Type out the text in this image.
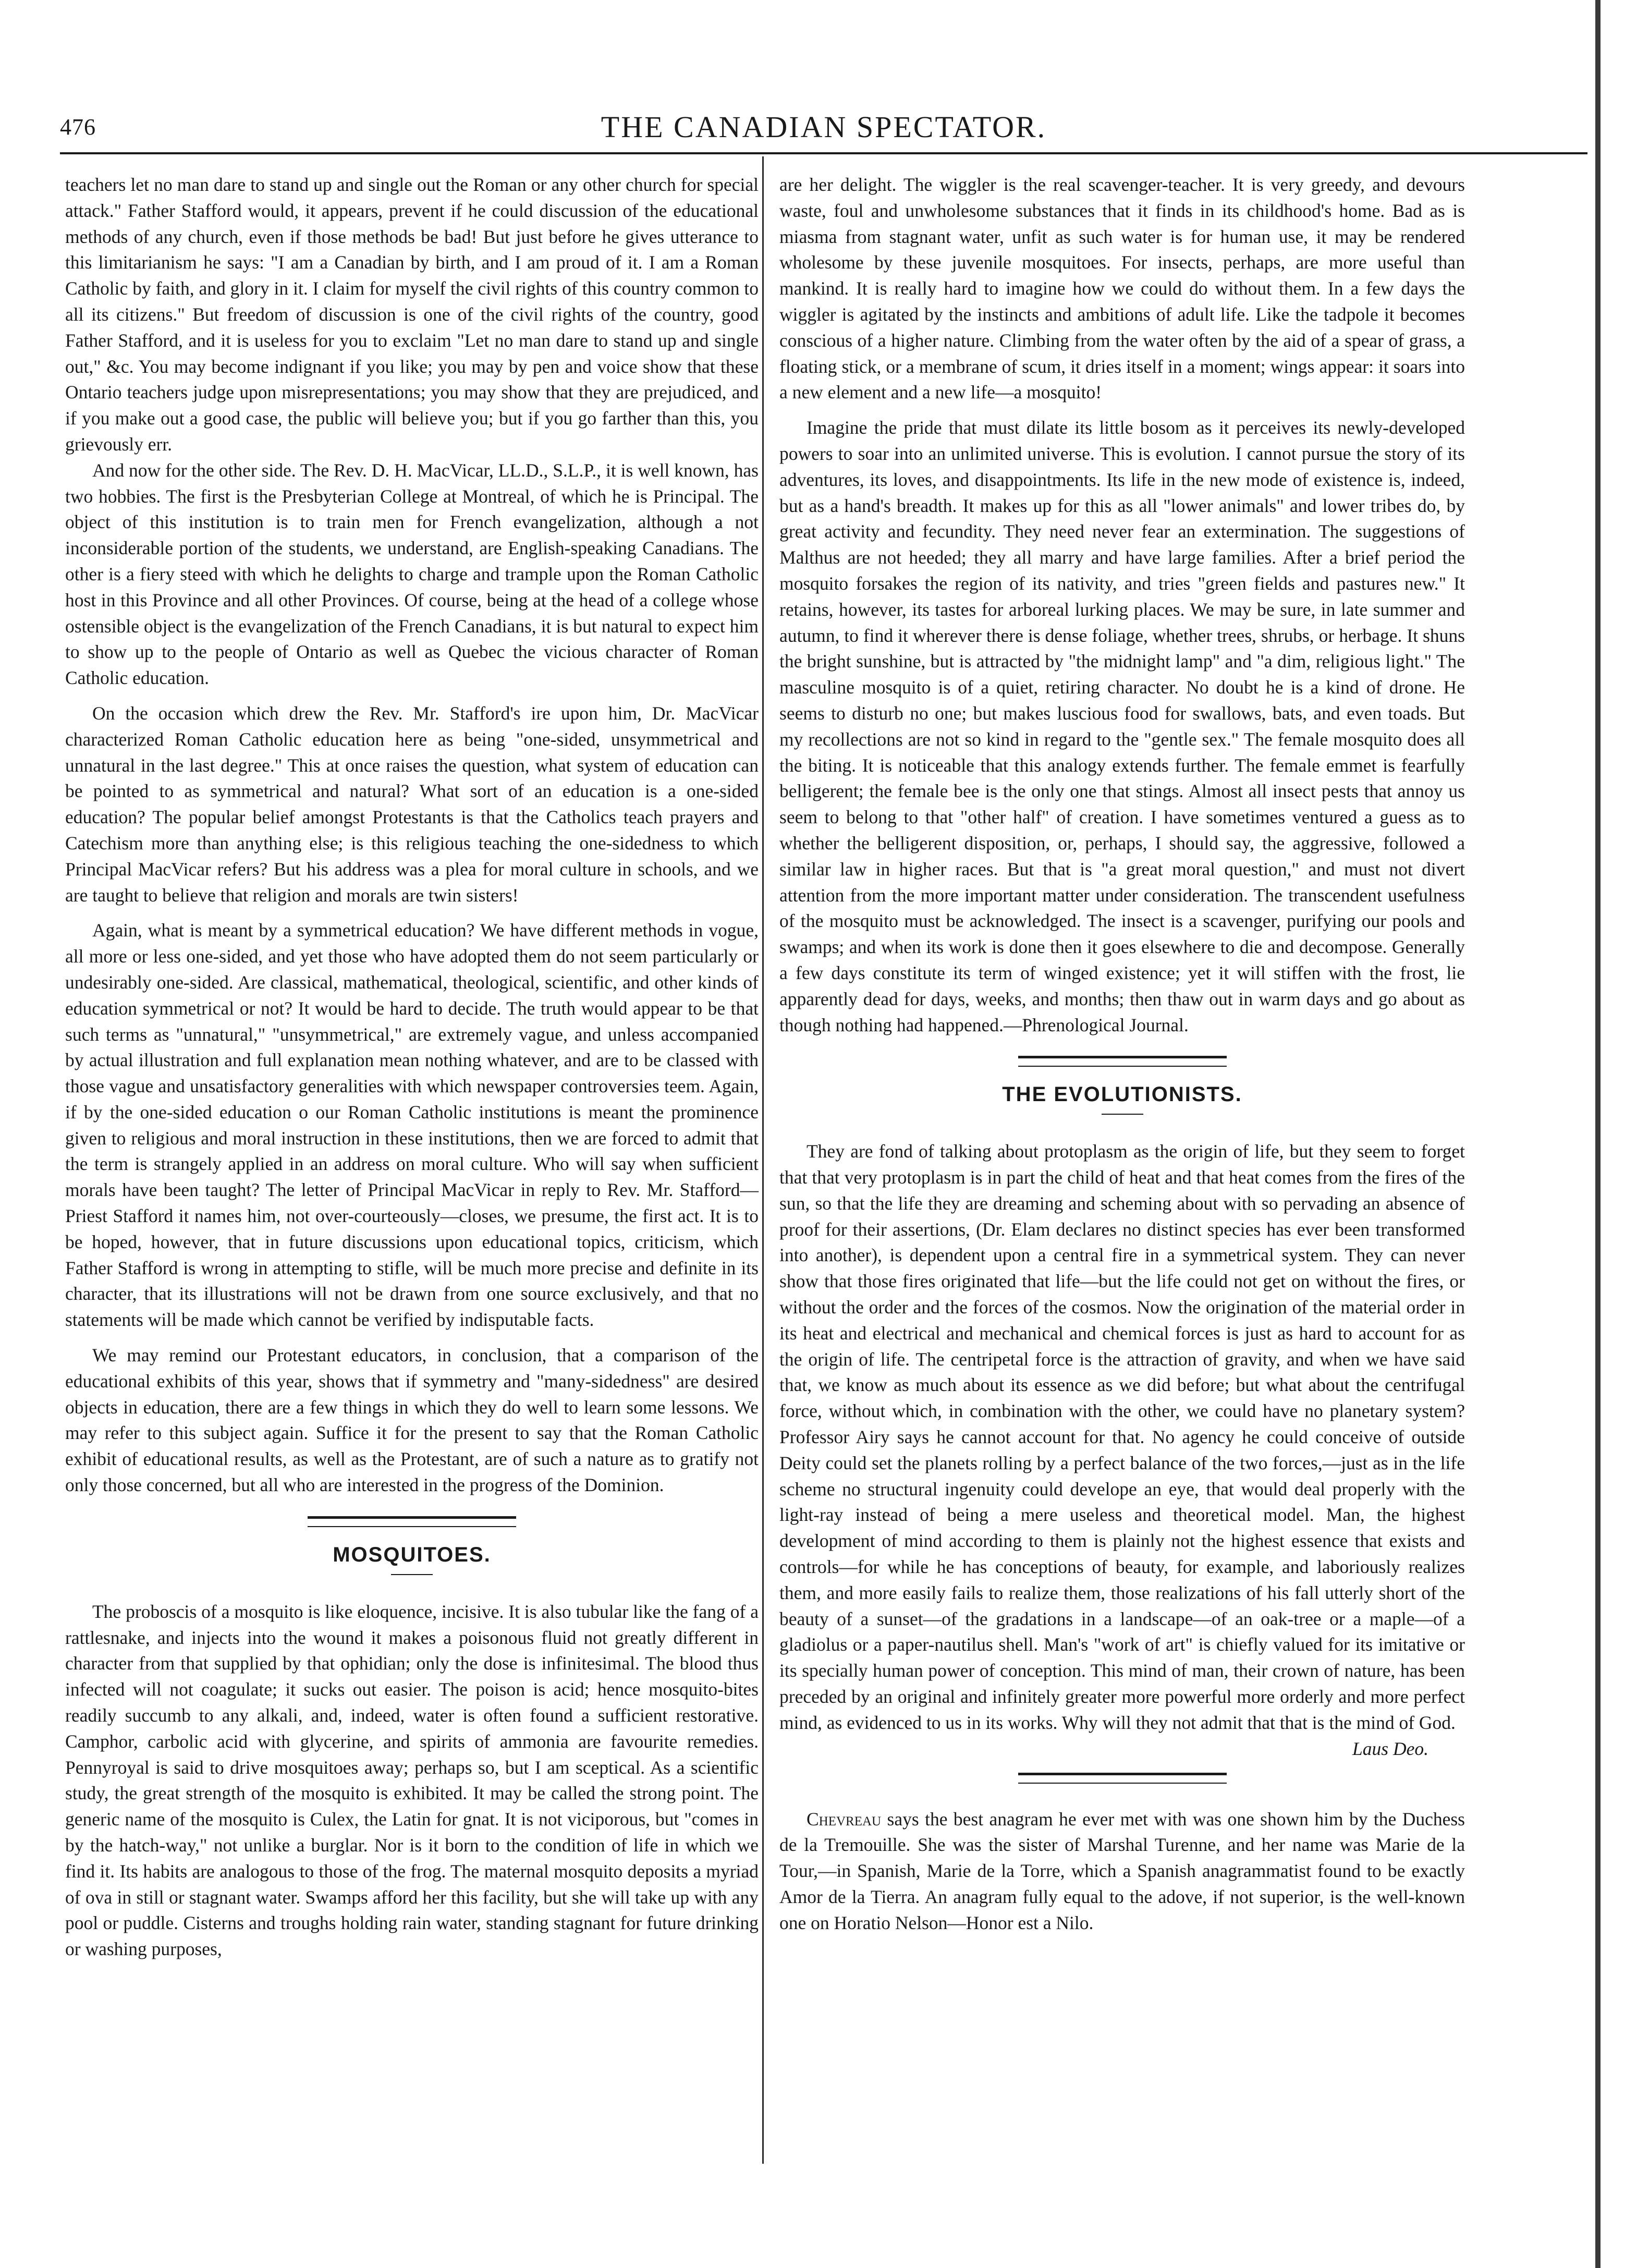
476	THE CANADIAN SPECTATOR.

teachers let no man dare to stand up and single out the Roman or any other church for special attack." Father Stafford would, it appears, prevent if he could discussion of the educational methods of any church, even if those methods be bad! But just before he gives utterance to this limitarianism he says: "I am a Canadian by birth, and I am proud of it. I am a Roman Catholic by faith, and glory in it. I claim for myself the civil rights of this country common to all its citizens." But freedom of discussion is one of the civil rights of the country, good Father Stafford, and it is useless for you to exclaim "Let no man dare to stand up and single out," &c. You may become indignant if you like; you may by pen and voice show that these Ontario teachers judge upon misrepresentations; you may show that they are prejudiced, and if you make out a good case, the public will believe you; but if you go farther than this, you grievously err.

And now for the other side. The Rev. D. H. MacVicar, LL.D., S.L.P., it is well known, has two hobbies. The first is the Presbyterian College at Montreal, of which he is Principal. The object of this institution is to train men for French evangelization, although a not inconsiderable portion of the students, we understand, are English-speaking Canadians. The other is a fiery steed with which he delights to charge and trample upon the Roman Catholic host in this Province and all other Provinces. Of course, being at the head of a college whose ostensible object is the evangelization of the French Canadians, it is but natural to expect him to show up to the people of Ontario as well as Quebec the vicious character of Roman Catholic education.

On the occasion which drew the Rev. Mr. Stafford's ire upon him, Dr. MacVicar characterized Roman Catholic education here as being "one-sided, unsymmetrical and unnatural in the last degree." This at once raises the question, what system of education can be pointed to as symmetrical and natural? What sort of an education is a one-sided education? The popular belief amongst Protestants is that the Catholics teach prayers and Catechism more than anything else; is this religious teaching the one-sidedness to which Principal MacVicar refers? But his address was a plea for moral culture in schools, and we are taught to believe that religion and morals are twin sisters!

Again, what is meant by a symmetrical education? We have different methods in vogue, all more or less one-sided, and yet those who have adopted them do not seem particularly or undesirably one-sided. Are classical, mathematical, theological, scientific, and other kinds of education symmetrical or not? It would be hard to decide. The truth would appear to be that such terms as "unnatural," "unsymmetrical," are extremely vague, and unless accompanied by actual illustration and full explanation mean nothing whatever, and are to be classed with those vague and unsatisfactory generalities with which newspaper controversies teem. Again, if by the one-sided education o our Roman Catholic institutions is meant the prominence given to religious and moral instruction in these institutions, then we are forced to admit that the term is strangely applied in an address on moral culture. Who will say when sufficient morals have been taught? The letter of Principal MacVicar in reply to Rev. Mr. Stafford—Priest Stafford it names him, not over-courteously—closes, we presume, the first act. It is to be hoped, however, that in future discussions upon educational topics, criticism, which Father Stafford is wrong in attempting to stifle, will be much more precise and definite in its character, that its illustrations will not be drawn from one source exclusively, and that no statements will be made which cannot be verified by indisputable facts.

We may remind our Protestant educators, in conclusion, that a comparison of the educational exhibits of this year, shows that if symmetry and "many-sidedness" are desired objects in education, there are a few things in which they do well to learn some lessons. We may refer to this subject again. Suffice it for the present to say that the Roman Catholic exhibit of educational results, as well as the Protestant, are of such a nature as to gratify not only those concerned, but all who are interested in the progress of the Dominion.

MOSQUITOES.

The proboscis of a mosquito is like eloquence, incisive. It is also tubular like the fang of a rattlesnake, and injects into the wound it makes a poisonous fluid not greatly different in character from that supplied by that ophidian; only the dose is infinitesimal. The blood thus infected will not coagulate; it sucks out easier. The poison is acid; hence mosquito-bites readily succumb to any alkali, and, indeed, water is often found a sufficient restorative. Camphor, carbolic acid with glycerine, and spirits of ammonia are favourite remedies. Pennyroyal is said to drive mosquitoes away; perhaps so, but I am sceptical. As a scientific study, the great strength of the mosquito is exhibited. It may be called the strong point. The generic name of the mosquito is Culex, the Latin for gnat. It is not viciporous, but "comes in by the hatch-way," not unlike a burglar. Nor is it born to the condition of life in which we find it. Its habits are analogous to those of the frog. The maternal mosquito deposits a myriad of ova in still or stagnant water. Swamps afford her this facility, but she will take up with any pool or puddle. Cisterns and troughs holding rain water, standing stagnant for future drinking or washing purposes,

are her delight. The wiggler is the real scavenger-teacher. It is very greedy, and devours waste, foul and unwholesome substances that it finds in its childhood's home. Bad as is miasma from stagnant water, unfit as such water is for human use, it may be rendered wholesome by these juvenile mosquitoes. For insects, perhaps, are more useful than mankind. It is really hard to imagine how we could do without them. In a few days the wiggler is agitated by the instincts and ambitions of adult life. Like the tadpole it becomes conscious of a higher nature. Climbing from the water often by the aid of a spear of grass, a floating stick, or a membrane of scum, it dries itself in a moment; wings appear: it soars into a new element and a new life—a mosquito!

Imagine the pride that must dilate its little bosom as it perceives its newly-developed powers to soar into an unlimited universe. This is evolution. I cannot pursue the story of its adventures, its loves, and disappointments. Its life in the new mode of existence is, indeed, but as a hand's breadth. It makes up for this as all "lower animals" and lower tribes do, by great activity and fecundity. They need never fear an extermination. The suggestions of Malthus are not heeded; they all marry and have large families. After a brief period the mosquito forsakes the region of its nativity, and tries "green fields and pastures new." It retains, however, its tastes for arboreal lurking places. We may be sure, in late summer and autumn, to find it wherever there is dense foliage, whether trees, shrubs, or herbage. It shuns the bright sunshine, but is attracted by "the midnight lamp" and "a dim, religious light." The masculine mosquito is of a quiet, retiring character. No doubt he is a kind of drone. He seems to disturb no one; but makes luscious food for swallows, bats, and even toads. But my recollections are not so kind in regard to the "gentle sex." The female mosquito does all the biting. It is noticeable that this analogy extends further. The female emmet is fearfully belligerent; the female bee is the only one that stings. Almost all insect pests that annoy us seem to belong to that "other half" of creation. I have sometimes ventured a guess as to whether the belligerent disposition, or, perhaps, I should say, the aggressive, followed a similar law in higher races. But that is "a great moral question," and must not divert attention from the more important matter under consideration. The transcendent usefulness of the mosquito must be acknowledged. The insect is a scavenger, purifying our pools and swamps; and when its work is done then it goes elsewhere to die and decompose. Generally a few days constitute its term of winged existence; yet it will stiffen with the frost, lie apparently dead for days, weeks, and months; then thaw out in warm days and go about as though nothing had happened.—Phrenological Journal.

THE EVOLUTIONISTS.

They are fond of talking about protoplasm as the origin of life, but they seem to forget that that very protoplasm is in part the child of heat and that heat comes from the fires of the sun, so that the life they are dreaming and scheming about with so pervading an absence of proof for their assertions, (Dr. Elam declares no distinct species has ever been transformed into another), is dependent upon a central fire in a symmetrical system. They can never show that those fires originated that life—but the life could not get on without the fires, or without the order and the forces of the cosmos. Now the origination of the material order in its heat and electrical and mechanical and chemical forces is just as hard to account for as the origin of life. The centripetal force is the attraction of gravity, and when we have said that, we know as much about its essence as we did before; but what about the centrifugal force, without which, in combination with the other, we could have no planetary system? Professor Airy says he cannot account for that. No agency he could conceive of outside Deity could set the planets rolling by a perfect balance of the two forces,—just as in the life scheme no structural ingenuity could develope an eye, that would deal properly with the light-ray instead of being a mere useless and theoretical model. Man, the highest development of mind according to them is plainly not the highest essence that exists and controls—for while he has conceptions of beauty, for example, and laboriously realizes them, and more easily fails to realize them, those realizations of his fall utterly short of the beauty of a sunset—of the gradations in a landscape—of an oak-tree or a maple—of a gladiolus or a paper-nautilus shell. Man's "work of art" is chiefly valued for its imitative or its specially human power of conception. This mind of man, their crown of nature, has been preceded by an original and infinitely greater more powerful more orderly and more perfect mind, as evidenced to us in its works. Why will they not admit that that is the mind of God.
Laus Deo.

Chevreau says the best anagram he ever met with was one shown him by the Duchess de la Tremouille. She was the sister of Marshal Turenne, and her name was Marie de la Tour,—in Spanish, Marie de la Torre, which a Spanish anagrammatist found to be exactly Amor de la Tierra. An anagram fully equal to the adove, if not superior, is the well-known one on Horatio Nelson—Honor est a Nilo.
